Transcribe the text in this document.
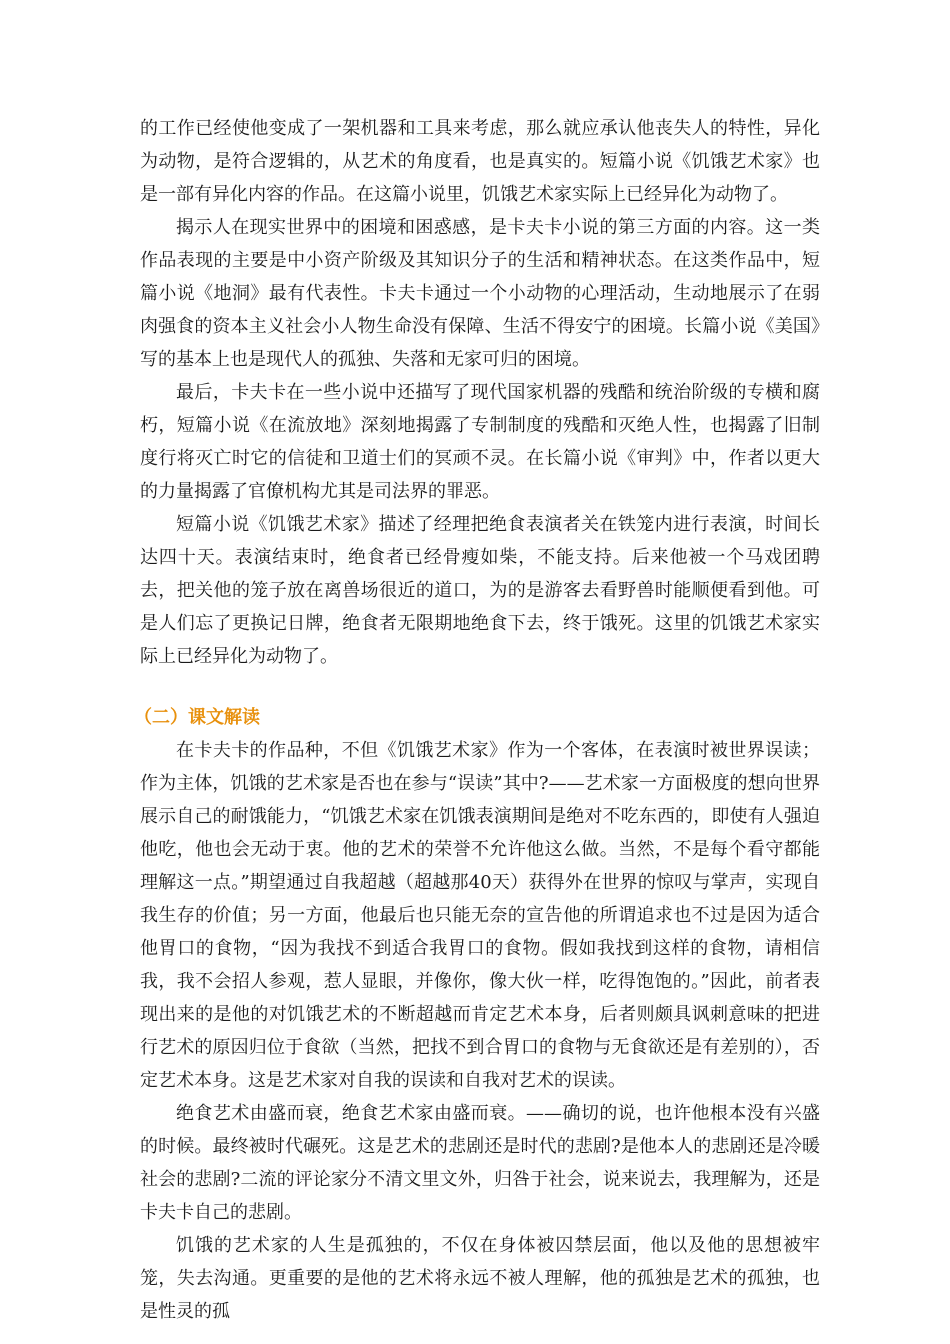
的工作已经使他变成了一架机器和工具来考虑，那么就应承认他丧失人的特性，异化为动物，是符合逻辑的，从艺术的角度看，也是真实的。短篇小说《饥饿艺术家》也是一部有异化内容的作品。在这篇小说里，饥饿艺术家实际上已经异化为动物了。

揭示人在现实世界中的困境和困惑感，是卡夫卡小说的第三方面的内容。这一类作品表现的主要是中小资产阶级及其知识分子的生活和精神状态。在这类作品中，短篇小说《地洞》最有代表性。卡夫卡通过一个小动物的心理活动，生动地展示了在弱肉强食的资本主义社会小人物生命没有保障、生活不得安宁的困境。长篇小说《美国》写的基本上也是现代人的孤独、失落和无家可归的困境。

最后，卡夫卡在一些小说中还描写了现代国家机器的残酷和统治阶级的专横和腐朽，短篇小说《在流放地》深刻地揭露了专制制度的残酷和灭绝人性，也揭露了旧制度行将灭亡时它的信徒和卫道士们的冥顽不灵。在长篇小说《审判》中，作者以更大的力量揭露了官僚机构尤其是司法界的罪恶。

短篇小说《饥饿艺术家》描述了经理把绝食表演者关在铁笼内进行表演，时间长达四十天。表演结束时，绝食者已经骨瘦如柴，不能支持。后来他被一个马戏团聘去，把关他的笼子放在离兽场很近的道口，为的是游客去看野兽时能顺便看到他。可是人们忘了更换记日牌，绝食者无限期地绝食下去，终于饿死。这里的饥饿艺术家实际上已经异化为动物了。

（二）课文解读

在卡夫卡的作品种，不但《饥饿艺术家》作为一个客体，在表演时被世界误读；作为主体，饥饿的艺术家是否也在参与“误读”其中?——艺术家一方面极度的想向世界展示自己的耐饿能力，“饥饿艺术家在饥饿表演期间是绝对不吃东西的，即使有人强迫他吃，他也会无动于衷。他的艺术的荣誉不允许他这么做。当然，不是每个看守都能理解这一点。”期望通过自我超越（超越那40天）获得外在世界的惊叹与掌声，实现自我生存的价值；另一方面，他最后也只能无奈的宣告他的所谓追求也不过是因为适合他胃口的食物，“因为我找不到适合我胃口的食物。假如我找到这样的食物，请相信我，我不会招人参观，惹人显眼，并像你，像大伙一样，吃得饱饱的。”因此，前者表现出来的是他的对饥饿艺术的不断超越而肯定艺术本身，后者则颇具讽刺意味的把进行艺术的原因归位于食欲（当然，把找不到合胃口的食物与无食欲还是有差别的），否定艺术本身。这是艺术家对自我的误读和自我对艺术的误读。

绝食艺术由盛而衰，绝食艺术家由盛而衰。——确切的说，也许他根本没有兴盛的时候。最终被时代碾死。这是艺术的悲剧还是时代的悲剧?是他本人的悲剧还是冷暖社会的悲剧?二流的评论家分不清文里文外，归咎于社会，说来说去，我理解为，还是卡夫卡自己的悲剧。

饥饿的艺术家的人生是孤独的，不仅在身体被囚禁层面，他以及他的思想被牢笼，失去沟通。更重要的是他的艺术将永远不被人理解，他的孤独是艺术的孤独，也是性灵的孤
